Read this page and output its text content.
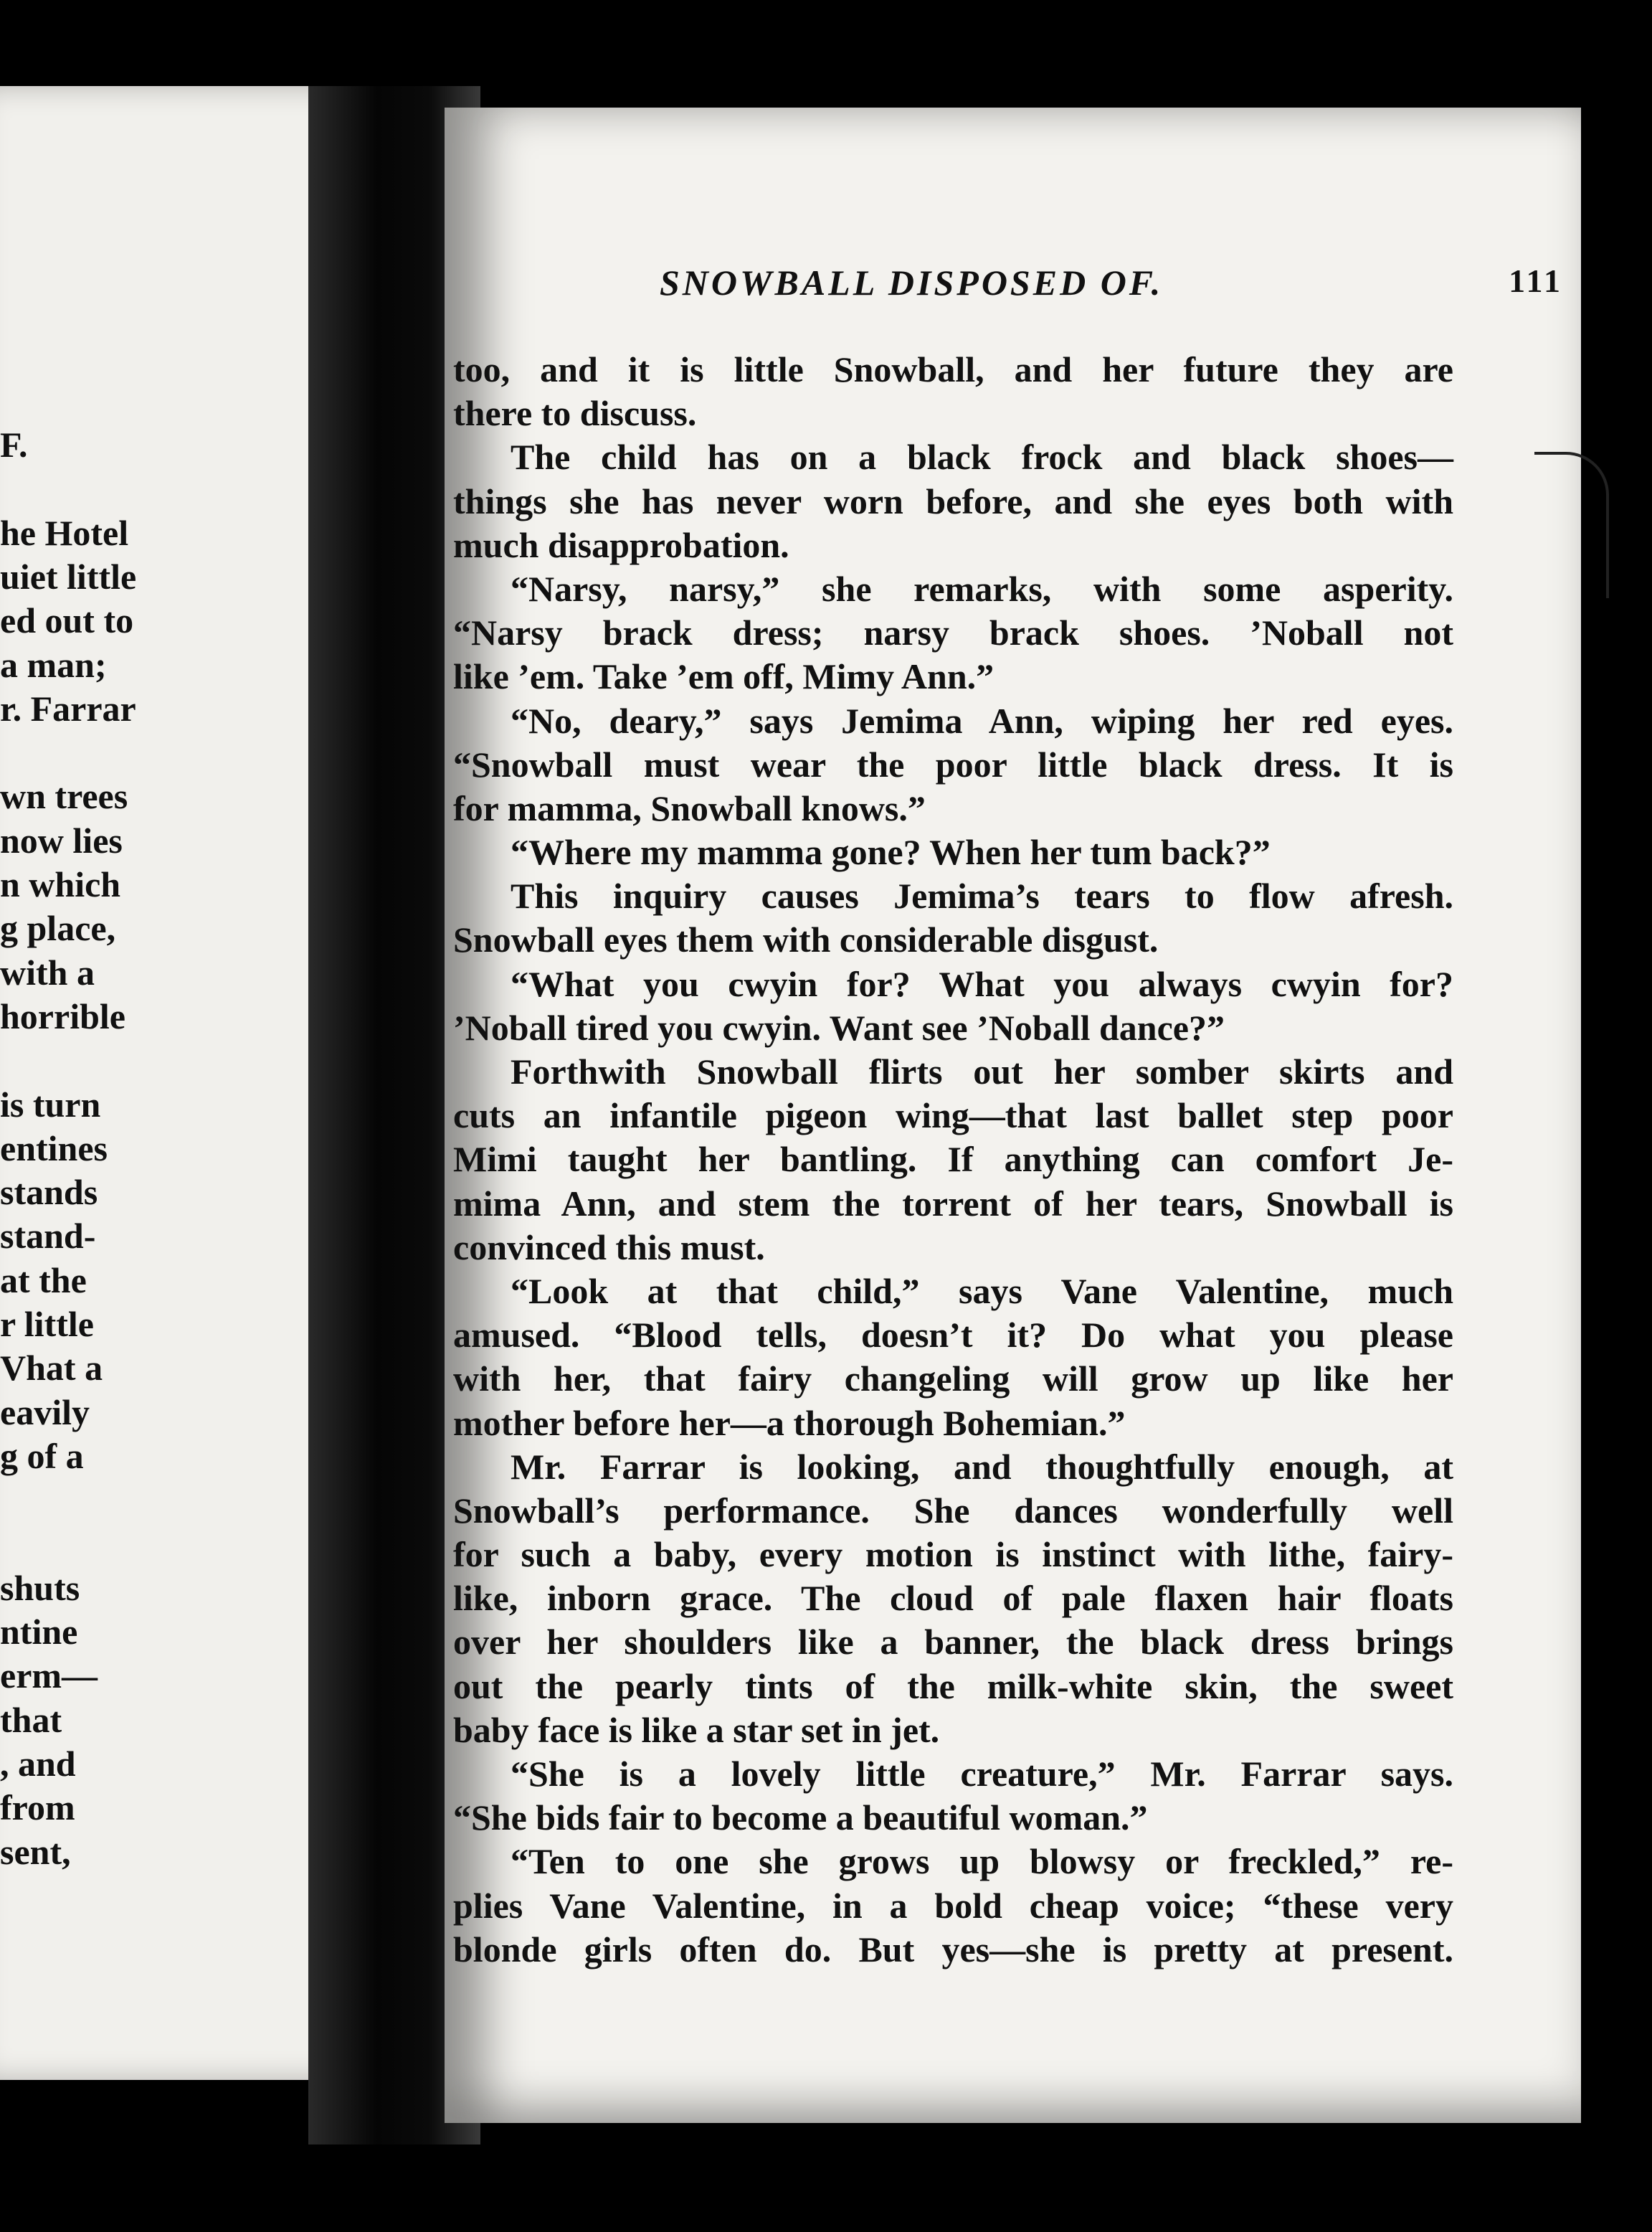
F.
he Hotel
uiet little
ed out to
a man;
r. Farrar
wn trees
now lies
n which
g place,
with a
horrible
is turn
entines
stands
stand-
at the
r little
Vhat a
eavily
g of a
shuts
ntine
erm—
that
, and
from
sent,
SNOWBALL DISPOSED OF.	111
too, and it is little Snowball, and her future they are
there to discuss.
The child has on a black frock and black shoes—
things she has never worn before, and she eyes both with
much disapprobation.
“Narsy, narsy,” she remarks, with some asperity.
“Narsy brack dress; narsy brack shoes. ’Noball not
like ’em. Take ’em off, Mimy Ann.”
“No, deary,” says Jemima Ann, wiping her red eyes.
“Snowball must wear the poor little black dress. It is
for mamma, Snowball knows.”
“Where my mamma gone? When her tum back?”
This inquiry causes Jemima’s tears to flow afresh.
Snowball eyes them with considerable disgust.
“What you cwyin for? What you always cwyin for?
’Noball tired you cwyin. Want see ’Noball dance?”
Forthwith Snowball flirts out her somber skirts and
cuts an infantile pigeon wing—that last ballet step poor
Mimi taught her bantling. If anything can comfort Je-
mima Ann, and stem the torrent of her tears, Snowball is
convinced this must.
“Look at that child,” says Vane Valentine, much
amused. “Blood tells, doesn’t it? Do what you please
with her, that fairy changeling will grow up like her
mother before her—a thorough Bohemian.”
Mr. Farrar is looking, and thoughtfully enough, at
Snowball’s performance. She dances wonderfully well
for such a baby, every motion is instinct with lithe, fairy-
like, inborn grace. The cloud of pale flaxen hair floats
over her shoulders like a banner, the black dress brings
out the pearly tints of the milk-white skin, the sweet
baby face is like a star set in jet.
“She is a lovely little creature,” Mr. Farrar says.
“She bids fair to become a beautiful woman.”
“Ten to one she grows up blowsy or freckled,” re-
plies Vane Valentine, in a bold cheap voice; “these very
blonde girls often do. But yes—she is pretty at present.
